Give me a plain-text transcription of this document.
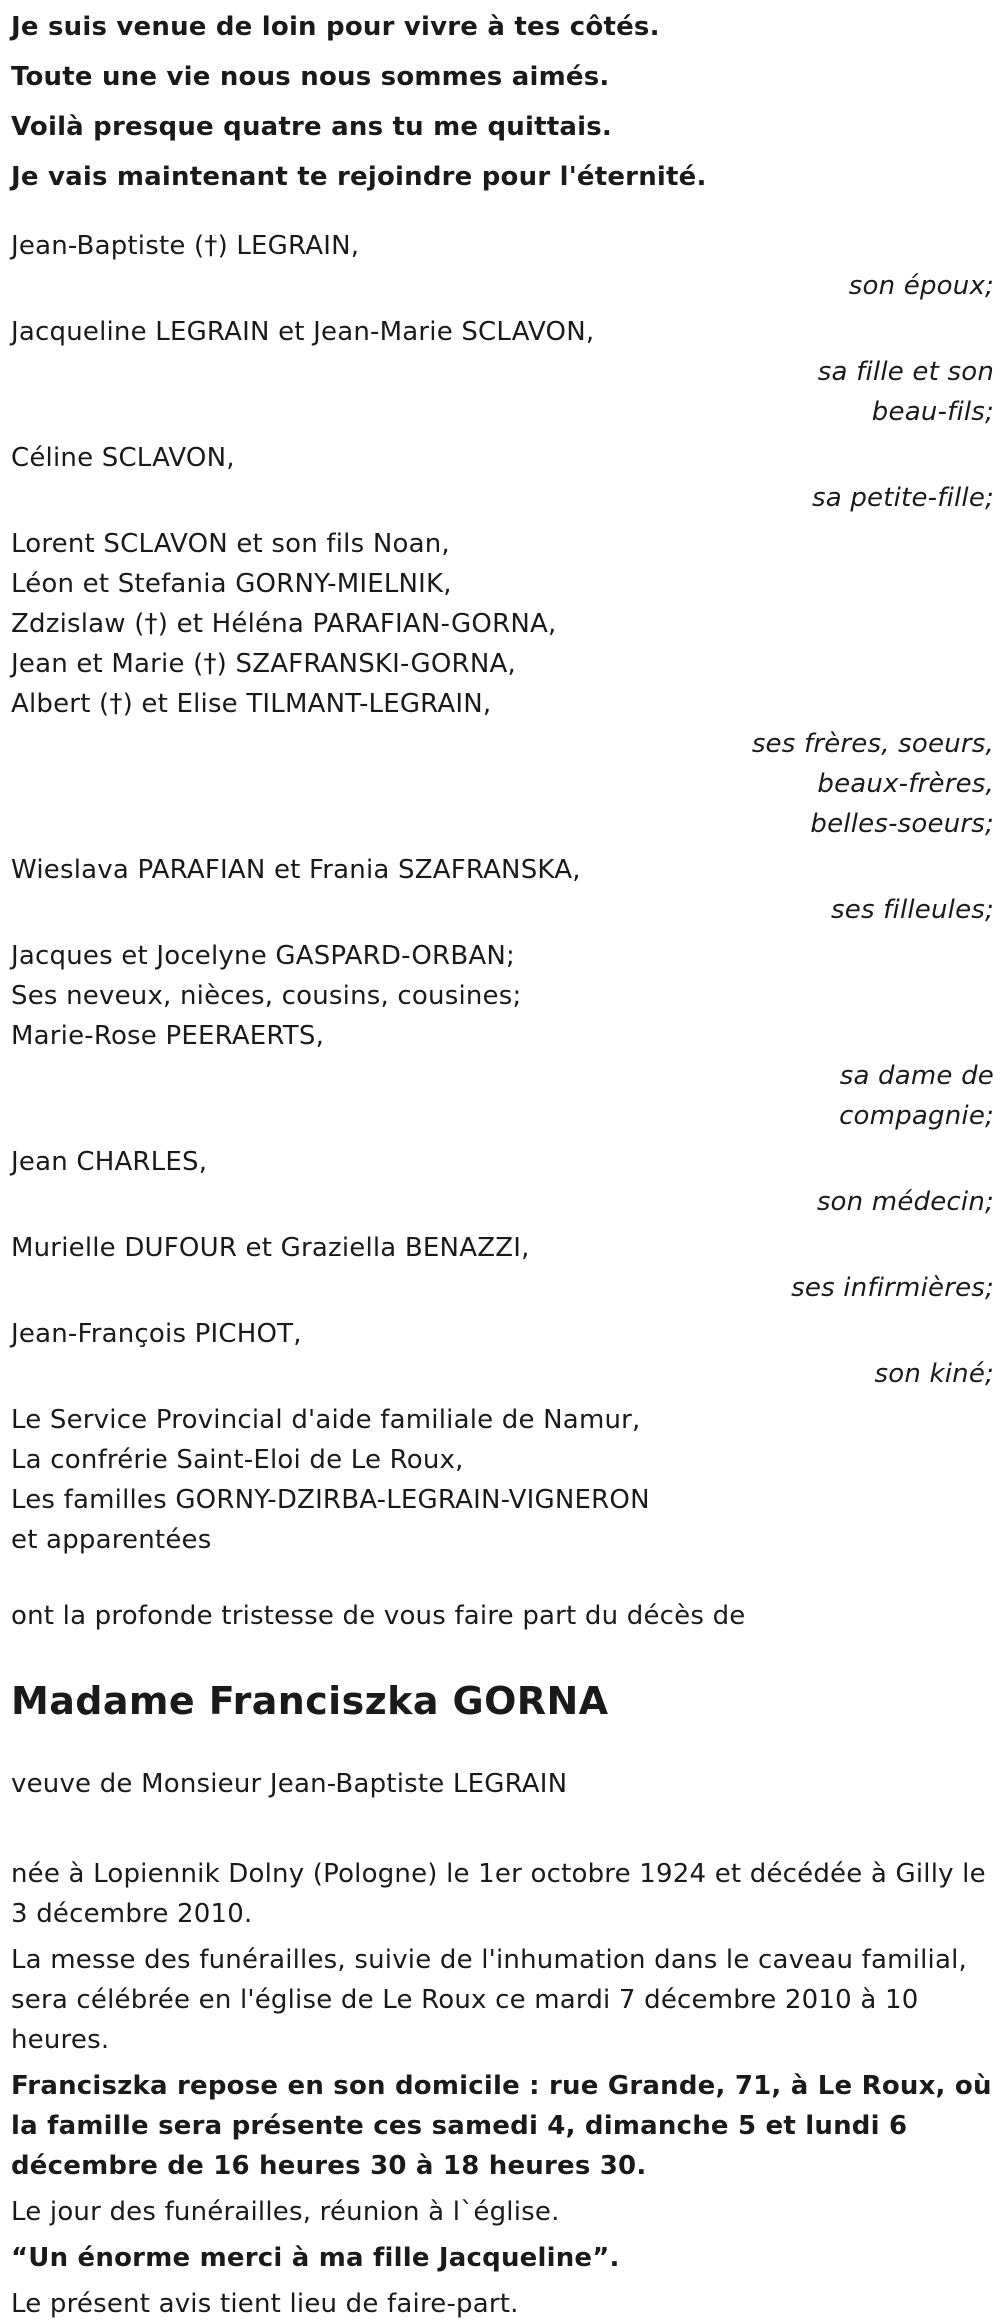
Je suis venue de loin pour vivre à tes côtés.
Toute une vie nous nous sommes aimés.
Voilà presque quatre ans tu me quittais.
Je vais maintenant te rejoindre pour l'éternité.
Jean-Baptiste (†) LEGRAIN,
son époux;
Jacqueline LEGRAIN et Jean-Marie SCLAVON,
sa fille et son beau-fils;
Céline SCLAVON,
sa petite-fille;
Lorent SCLAVON et son fils Noan,
Léon et Stefania GORNY-MIELNIK,
Zdzislaw (†) et Héléna PARAFIAN-GORNA,
Jean et Marie (†) SZAFRANSKI-GORNA,
Albert (†) et Elise TILMANT-LEGRAIN,
ses frères, soeurs, beaux-frères, belles-soeurs;
Wieslava PARAFIAN et Frania SZAFRANSKA,
ses filleules;
Jacques et Jocelyne GASPARD-ORBAN;
Ses neveux, nièces, cousins, cousines;
Marie-Rose PEERAERTS,
sa dame de compagnie;
Jean CHARLES,
son médecin;
Murielle DUFOUR et Graziella BENAZZI,
ses infirmières;
Jean-François PICHOT,
son kiné;
Le Service Provincial d'aide familiale de Namur,
La confrérie Saint-Eloi de Le Roux,
Les familles GORNY-DZIRBA-LEGRAIN-VIGNERON
et apparentées
ont la profonde tristesse de vous faire part du décès de
Madame Franciszka GORNA
veuve de Monsieur Jean-Baptiste LEGRAIN
née à Lopiennik Dolny (Pologne) le 1er octobre 1924 et décédée à Gilly le 3 décembre 2010.
La messe des funérailles, suivie de l'inhumation dans le caveau familial, sera célébrée en l'église de Le Roux ce mardi 7 décembre 2010 à 10 heures.
Franciszka repose en son domicile : rue Grande, 71, à Le Roux, où la famille sera présente ces samedi 4, dimanche 5 et lundi 6 décembre de 16 heures 30 à 18 heures 30.
Le jour des funérailles, réunion à l`église.
“Un énorme merci à ma fille Jacqueline”.
Le présent avis tient lieu de faire-part.
